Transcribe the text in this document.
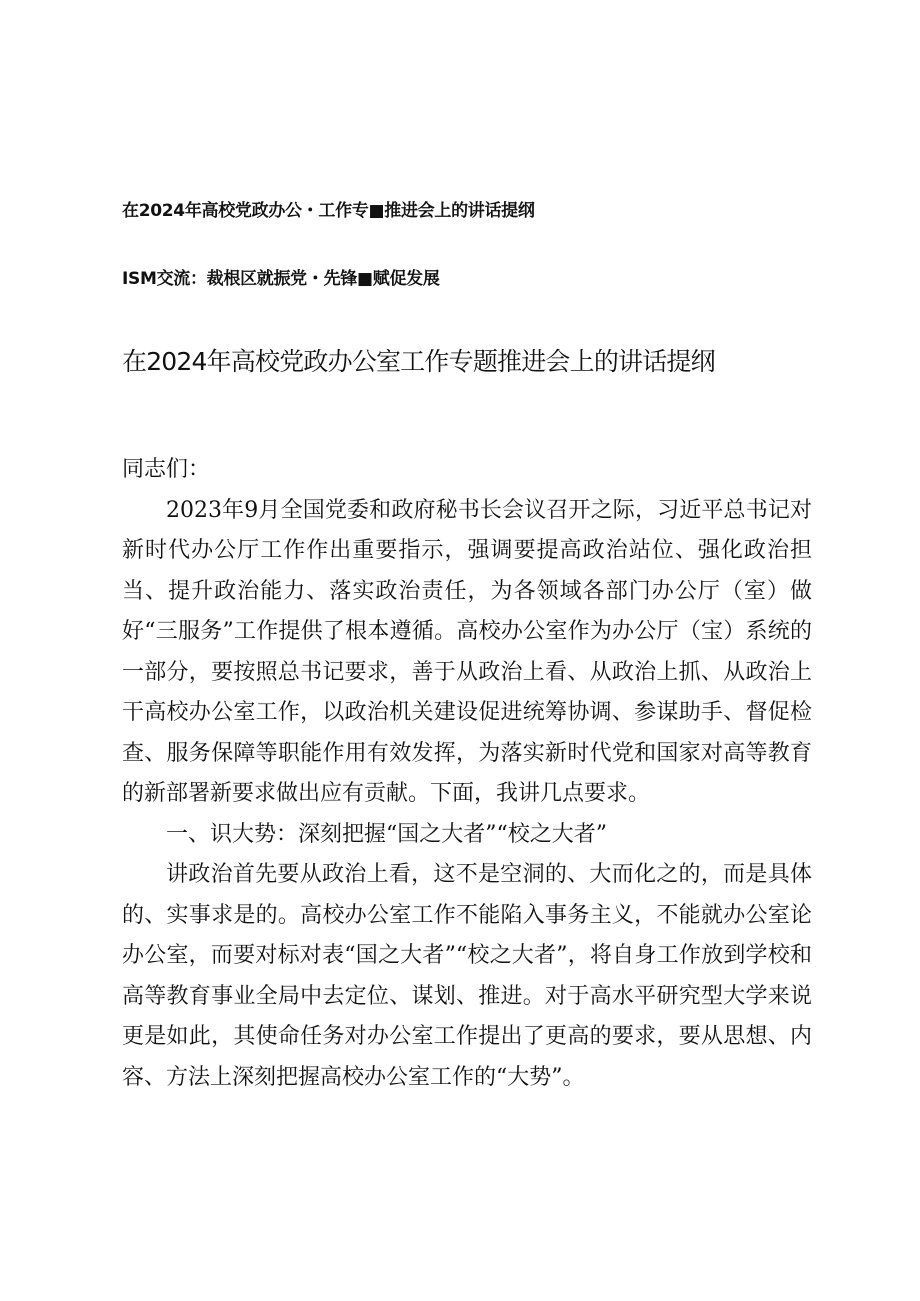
在2024年高校党政办公・工作专■推进会上的讲话提纲
ISM交流：裁根区就振党・先锋■赋促发展
在2024年高校党政办公室工作专题推进会上的讲话提纲

同志们：

2023年9月全国党委和政府秘书长会议召开之际，习近平总书记对新时代办公厅工作作出重要指示，强调要提高政治站位、强化政治担当、提升政治能力、落实政治责任，为各领域各部门办公厅（室）做好“三服务”工作提供了根本遵循。高校办公室作为办公厅（宝）系统的一部分，要按照总书记要求，善于从政治上看、从政治上抓、从政治上干高校办公室工作，以政治机关建设促进统筹协调、参谋助手、督促检查、服务保障等职能作用有效发挥，为落实新时代党和国家对高等教育的新部署新要求做出应有贡献。下面，我讲几点要求。

一、识大势：深刻把握“国之大者”“校之大者”

讲政治首先要从政治上看，这不是空洞的、大而化之的，而是具体的、实事求是的。高校办公室工作不能陷入事务主义，不能就办公室论办公室，而要对标对表“国之大者”“校之大者”，将自身工作放到学校和高等教育事业全局中去定位、谋划、推进。对于高水平研究型大学来说更是如此，其使命任务对办公室工作提出了更高的要求，要从思想、内容、方法上深刻把握高校办公室工作的“大势”。
